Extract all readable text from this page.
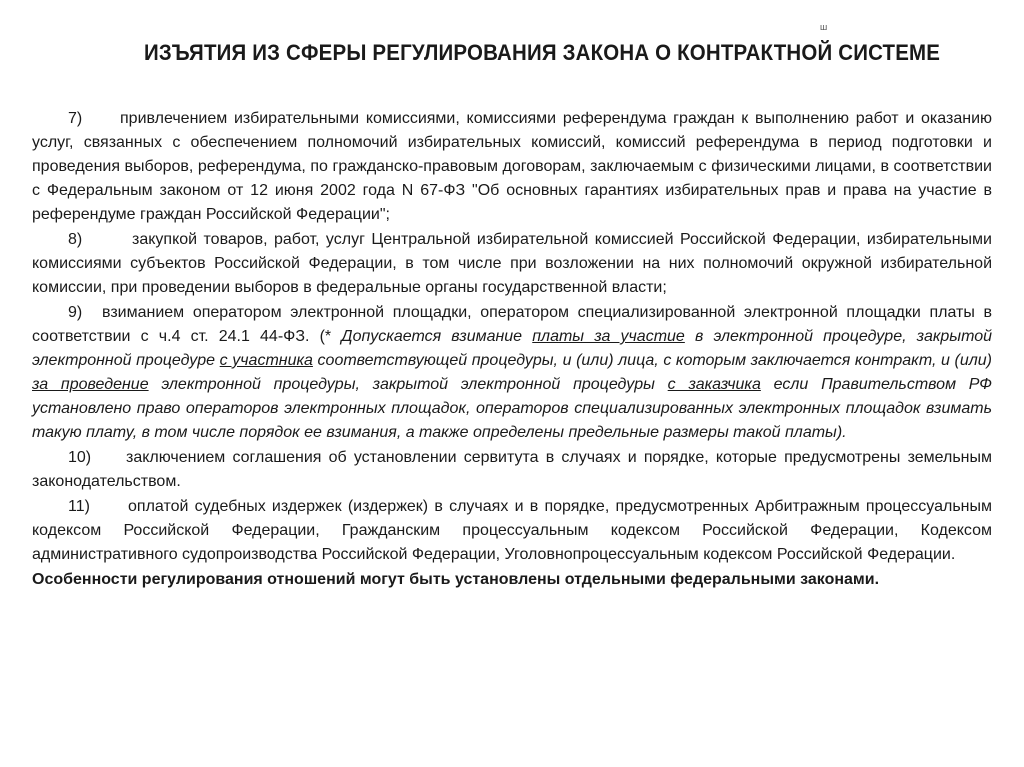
ш
ИЗЪЯТИЯ ИЗ СФЕРЫ РЕГУЛИРОВАНИЯ ЗАКОНА О КОНТРАКТНОЙ СИСТЕМЕ

7) привлечением избирательными комиссиями, комиссиями референдума граждан к выполнению работ и оказанию услуг, связанных с обеспечением полномочий избирательных комиссий, комиссий референдума в период подготовки и проведения выборов, референдума, по гражданско-правовым договорам, заключаемым с физическими лицами, в соответствии с Федеральным законом от 12 июня 2002 года N 67-ФЗ "Об основных гарантиях избирательных прав и права на участие в референдуме граждан Российской Федерации";

8)	закупкой товаров, работ, услуг Центральной избирательной комиссией Российской Федерации, избирательными комиссиями субъектов Российской Федерации, в том числе при возложении на них полномочий окружной избирательной комиссии, при проведении выборов в федеральные органы государственной власти;

9) взиманием оператором электронной площадки, оператором специализированной электронной площадки платы в соответствии с ч.4 ст. 24.1 44-ФЗ. (* Допускается взимание платы за участие в электронной процедуре, закрытой электронной процедуре с участника соответствующей процедуры, и (или) лица, с которым заключается контракт, и (или) за проведение электронной процедуры, закрытой электронной процедуры с заказчика если Правительством РФ установлено право операторов электронных площадок, операторов специализированных электронных площадок взимать такую плату, в том числе порядок ее взимания, а также определены предельные размеры такой платы).

10) заключением соглашения об установлении сервитута в случаях и порядке, которые предусмотрены земельным законодательством.

11) оплатой судебных издержек (издержек) в случаях и в порядке, предусмотренных Арбитражным процессуальным кодексом Российской Федерации, Гражданским процессуальным кодексом Российской Федерации, Кодексом административного судопроизводства Российской Федерации, Уголовнопроцессуальным кодексом Российской Федерации.

Особенности регулирования отношений могут быть установлены отдельными федеральными законами.
